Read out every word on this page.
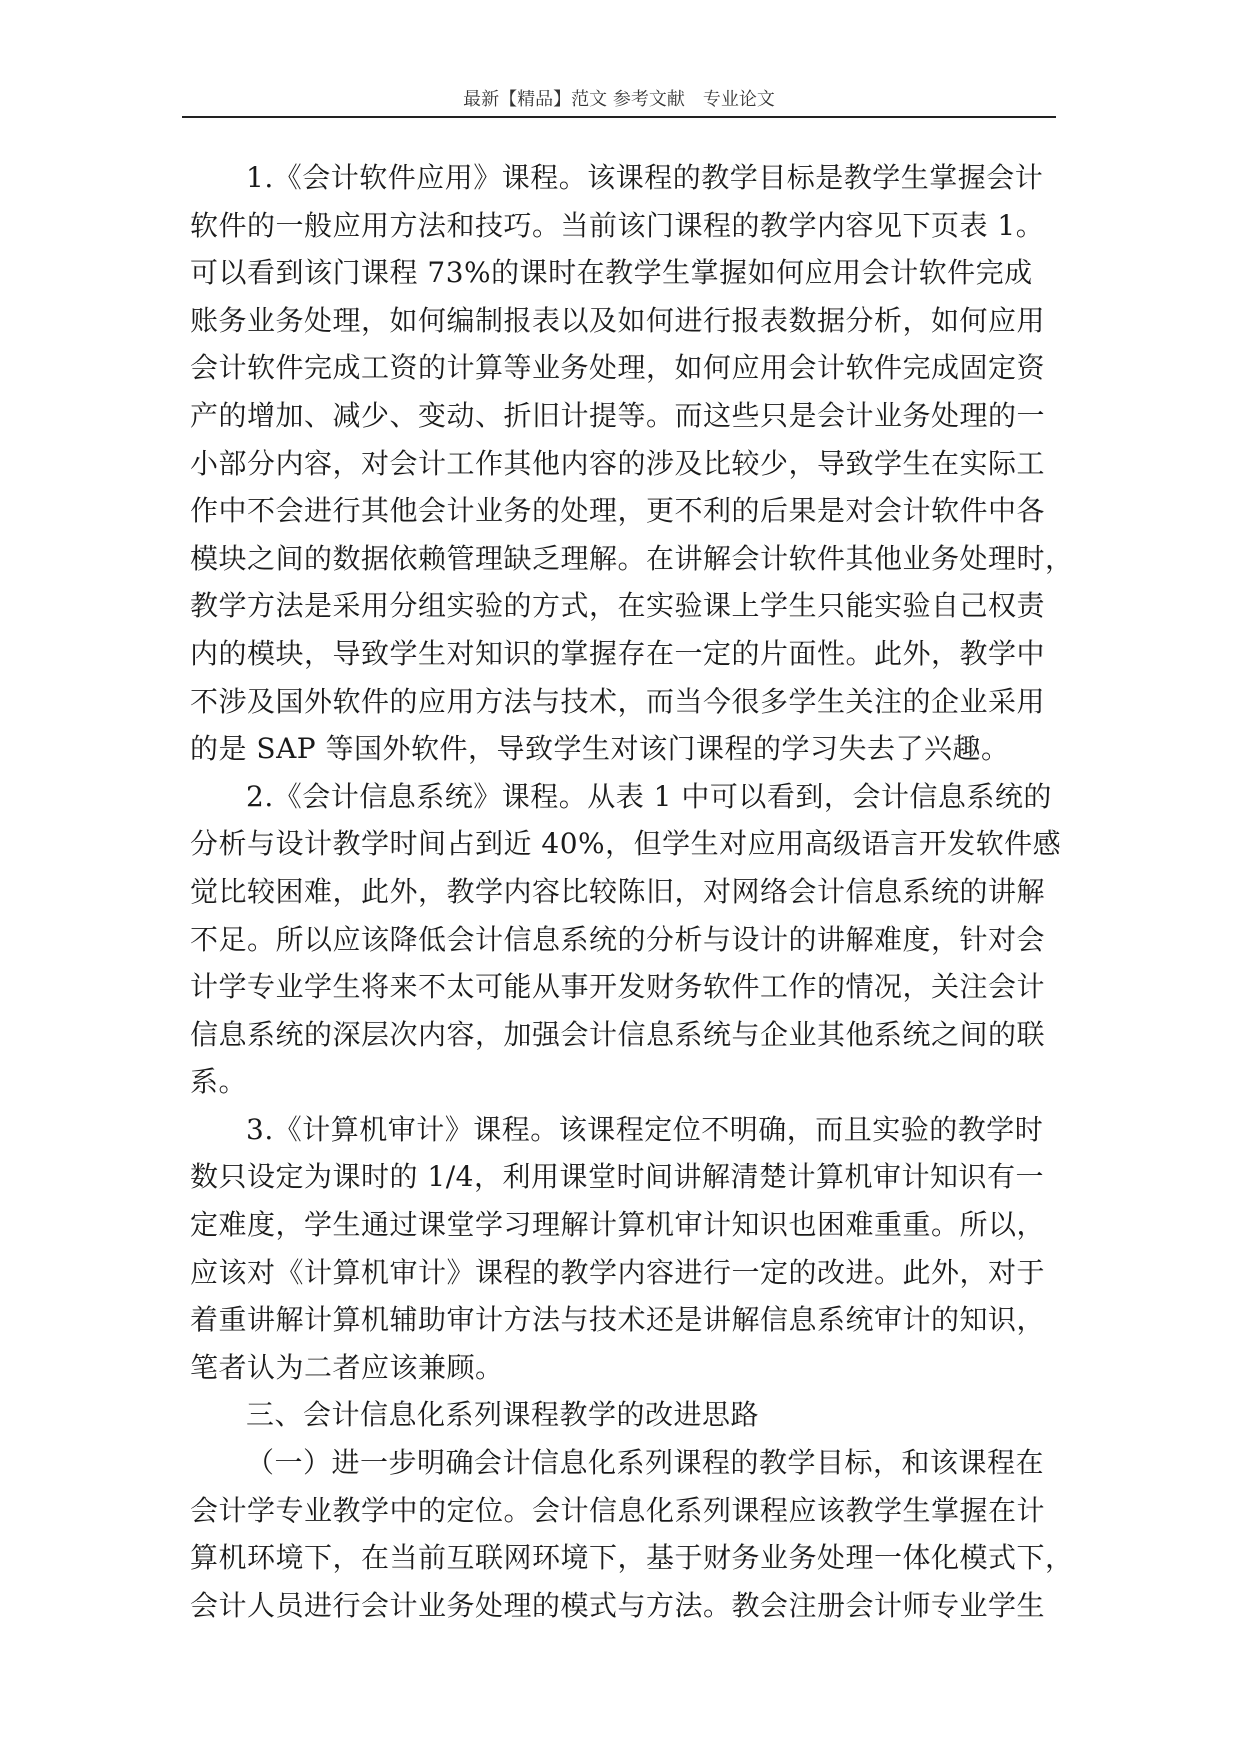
最新【精品】范文 参考文献　专业论文
1.《会计软件应用》课程。该课程的教学目标是教学生掌握会计
软件的一般应用方法和技巧。当前该门课程的教学内容见下页表 1。
可以看到该门课程 73%的课时在教学生掌握如何应用会计软件完成
账务业务处理，如何编制报表以及如何进行报表数据分析，如何应用
会计软件完成工资的计算等业务处理，如何应用会计软件完成固定资
产的增加、减少、变动、折旧计提等。而这些只是会计业务处理的一
小部分内容，对会计工作其他内容的涉及比较少，导致学生在实际工
作中不会进行其他会计业务的处理，更不利的后果是对会计软件中各
模块之间的数据依赖管理缺乏理解。在讲解会计软件其他业务处理时，
教学方法是采用分组实验的方式，在实验课上学生只能实验自己权责
内的模块，导致学生对知识的掌握存在一定的片面性。此外，教学中
不涉及国外软件的应用方法与技术，而当今很多学生关注的企业采用
的是 SAP 等国外软件，导致学生对该门课程的学习失去了兴趣。
2.《会计信息系统》课程。从表 1 中可以看到，会计信息系统的
分析与设计教学时间占到近 40%，但学生对应用高级语言开发软件感
觉比较困难，此外，教学内容比较陈旧，对网络会计信息系统的讲解
不足。所以应该降低会计信息系统的分析与设计的讲解难度，针对会
计学专业学生将来不太可能从事开发财务软件工作的情况，关注会计
信息系统的深层次内容，加强会计信息系统与企业其他系统之间的联
系。
3.《计算机审计》课程。该课程定位不明确，而且实验的教学时
数只设定为课时的 1/4，利用课堂时间讲解清楚计算机审计知识有一
定难度，学生通过课堂学习理解计算机审计知识也困难重重。所以，
应该对《计算机审计》课程的教学内容进行一定的改进。此外，对于
着重讲解计算机辅助审计方法与技术还是讲解信息系统审计的知识，
笔者认为二者应该兼顾。
三、会计信息化系列课程教学的改进思路
（一）进一步明确会计信息化系列课程的教学目标，和该课程在
会计学专业教学中的定位。会计信息化系列课程应该教学生掌握在计
算机环境下，在当前互联网环境下，基于财务业务处理一体化模式下，
会计人员进行会计业务处理的模式与方法。教会注册会计师专业学生
